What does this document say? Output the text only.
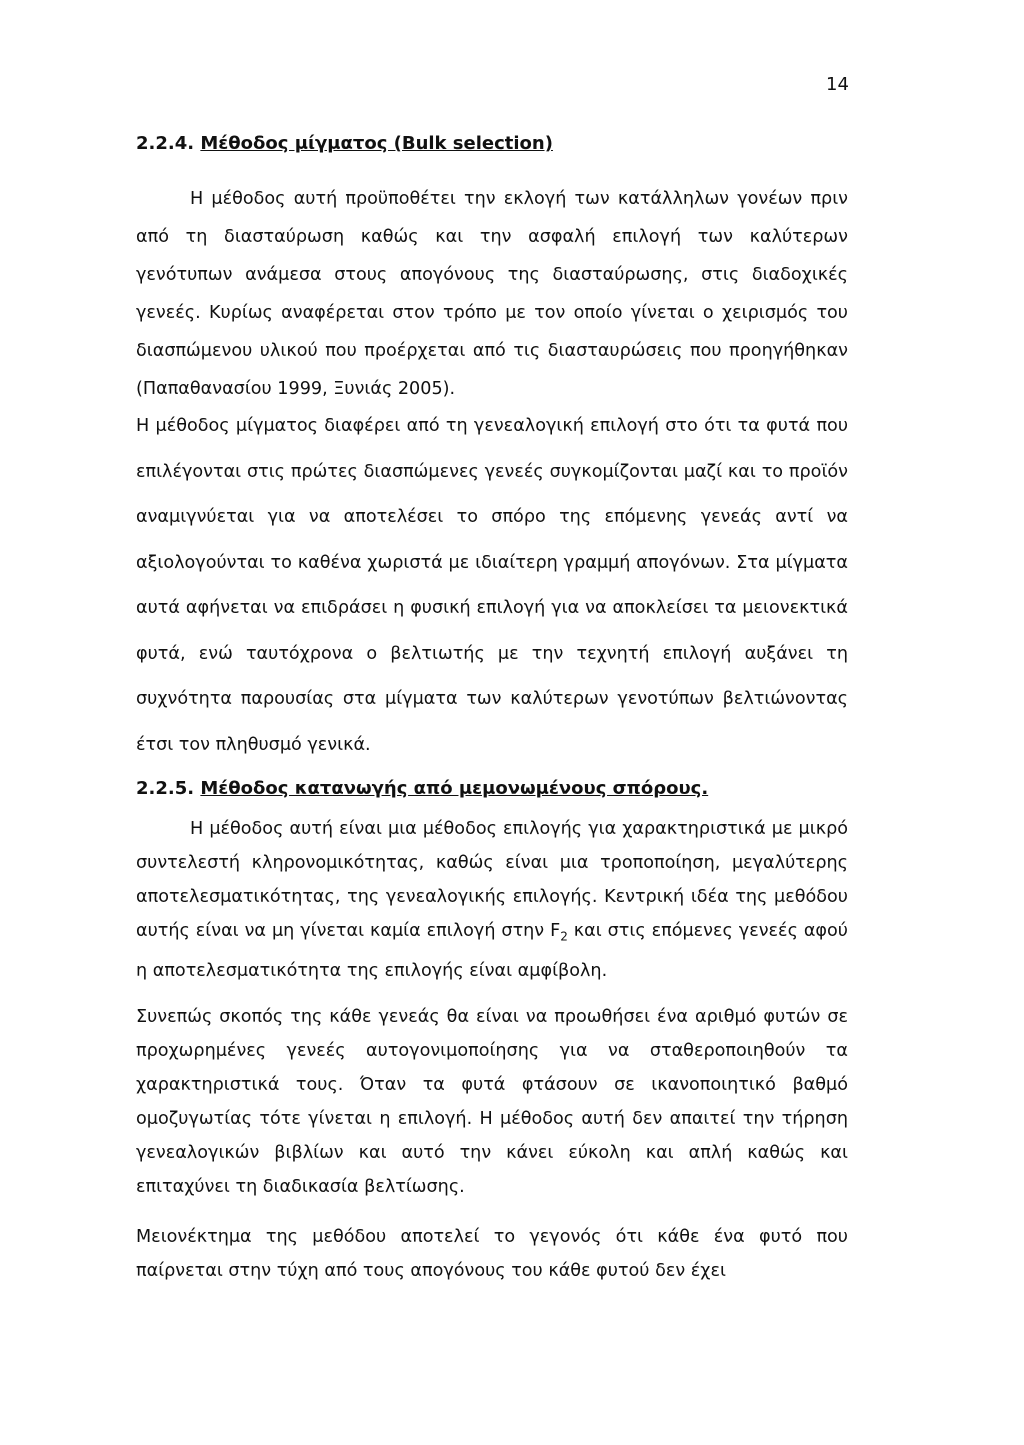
14
2.2.4. Μέθοδος μίγματος (Bulk selection)

Η μέθοδος αυτή προϋποθέτει την εκλογή των κατάλληλων γονέων πριν από τη διασταύρωση καθώς και την ασφαλή επιλογή των καλύτερων γενότυπων ανάμεσα στους απογόνους της διασταύρωσης, στις διαδοχικές γενεές. Κυρίως αναφέρεται στον τρόπο με τον οποίο γίνεται ο χειρισμός του διασπώμενου υλικού που προέρχεται από τις διασταυρώσεις που προηγήθηκαν (Παπαθανασίου 1999, Ξυνιάς 2005).

Η μέθοδος μίγματος διαφέρει από τη γενεαλογική επιλογή στο ότι τα φυτά που επιλέγονται στις πρώτες διασπώμενες γενεές συγκομίζονται μαζί και το προϊόν αναμιγνύεται για να αποτελέσει το σπόρο της επόμενης γενεάς αντί να αξιολογούνται το καθένα χωριστά με ιδιαίτερη γραμμή απογόνων. Στα μίγματα αυτά αφήνεται να επιδράσει η φυσική επιλογή για να αποκλείσει τα μειονεκτικά φυτά, ενώ ταυτόχρονα ο βελτιωτής με την τεχνητή επιλογή αυξάνει τη συχνότητα παρουσίας στα μίγματα των καλύτερων γενοτύπων βελτιώνοντας έτσι τον πληθυσμό γενικά.

2.2.5. Μέθοδος κατανωγής από μεμονωμένους σπόρους.

Η μέθοδος αυτή είναι μια μέθοδος επιλογής για χαρακτηριστικά με μικρό συντελεστή κληρονομικότητας, καθώς είναι μια τροποποίηση, μεγαλύτερης αποτελεσματικότητας, της γενεαλογικής επιλογής. Κεντρική ιδέα της μεθόδου αυτής είναι να μη γίνεται καμία επιλογή στην $F_2$ και στις επόμενες γενεές αφού η αποτελεσματικότητα της επιλογής είναι αμφίβολη.

Συνεπώς σκοπός της κάθε γενεάς θα είναι να προωθήσει ένα αριθμό φυτών σε προχωρημένες γενεές αυτογονιμοποίησης για να σταθεροποιηθούν τα χαρακτηριστικά τους. Όταν τα φυτά φτάσουν σε ικανοποιητικό βαθμό ομοζυγωτίας τότε γίνεται η επιλογή. Η μέθοδος αυτή δεν απαιτεί την τήρηση γενεαλογικών βιβλίων και αυτό την κάνει εύκολη και απλή καθώς και επιταχύνει τη διαδικασία βελτίωσης.

Μειονέκτημα της μεθόδου αποτελεί το γεγονός ότι κάθε ένα φυτό που παίρνεται στην τύχη από τους απογόνους του κάθε φυτού δεν έχει
